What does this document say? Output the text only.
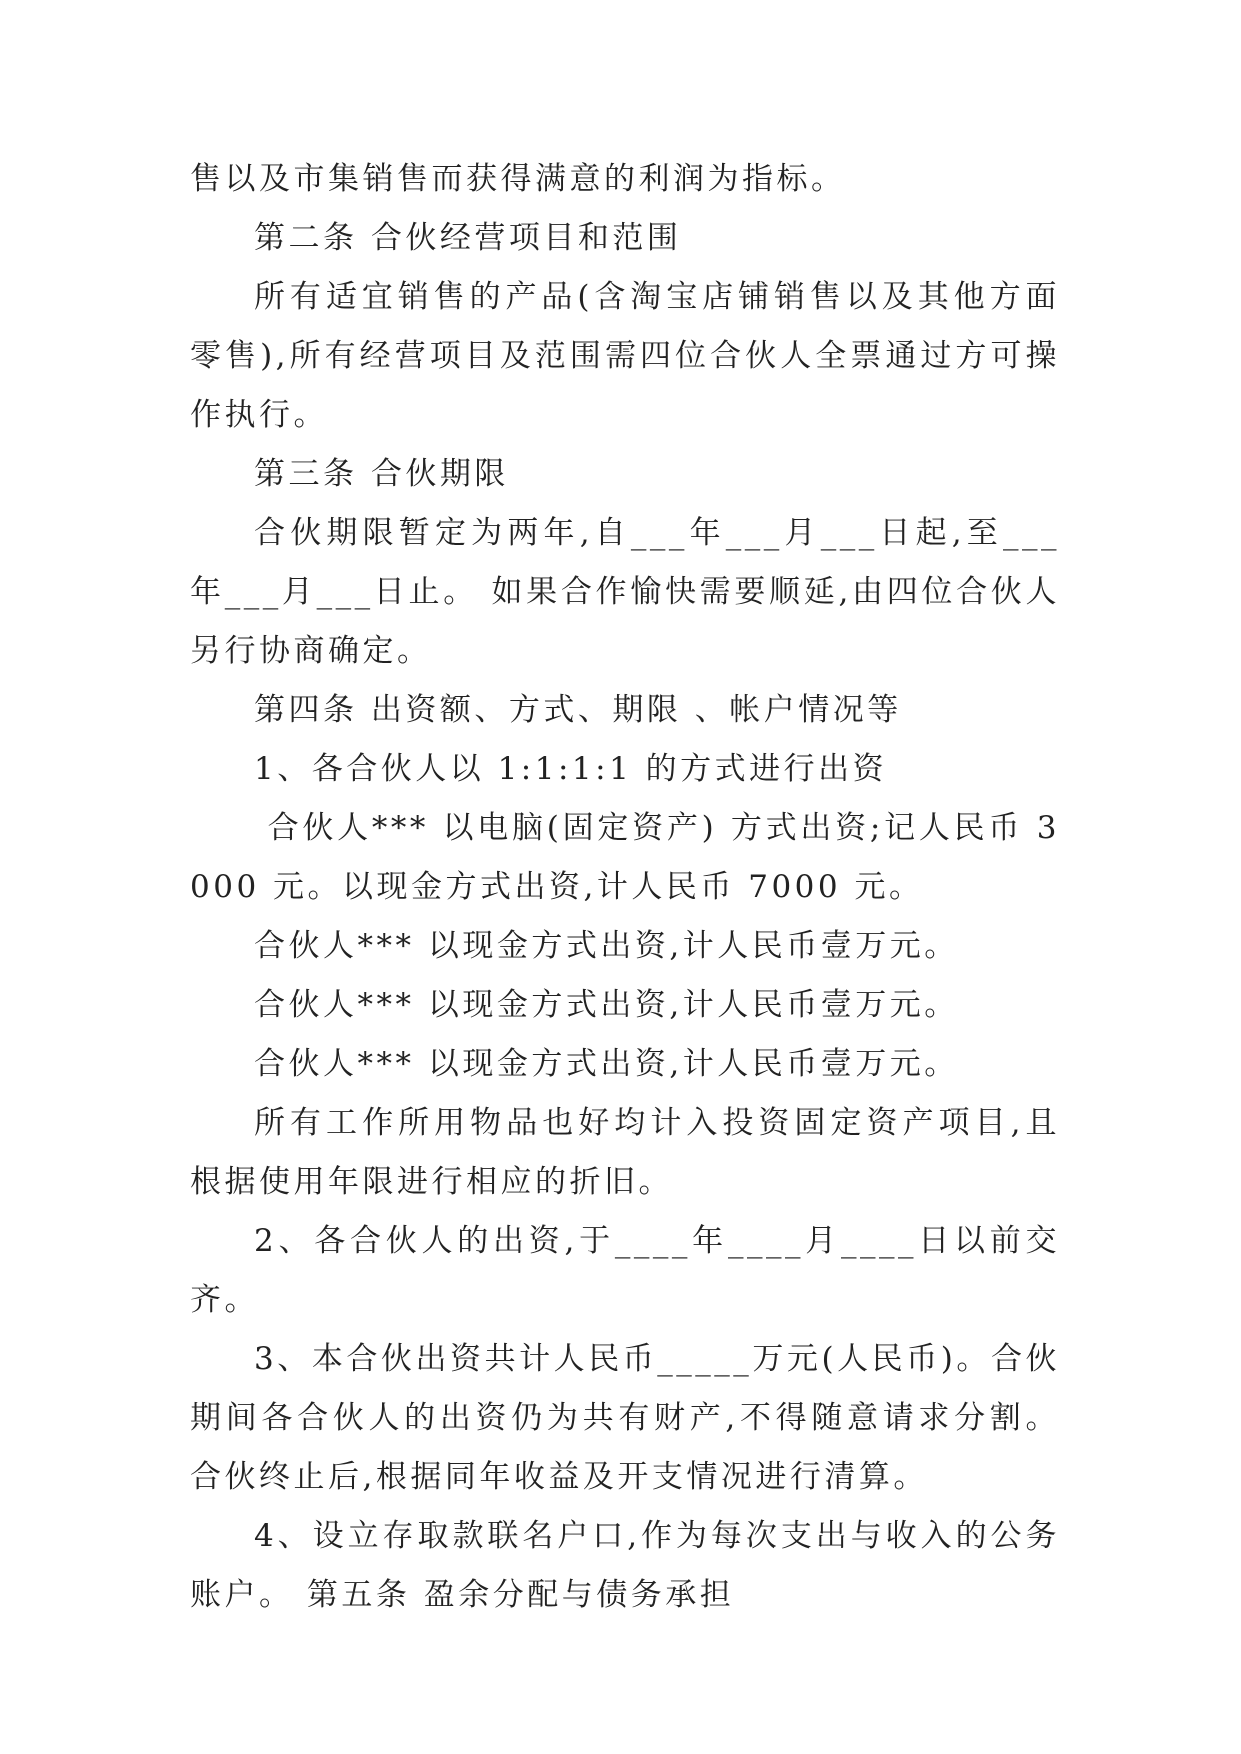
售以及市集销售而获得满意的利润为指标。

第二条 合伙经营项目和范围

所有适宜销售的产品(含淘宝店铺销售以及其他方面零售),所有经营项目及范围需四位合伙人全票通过方可操作执行。

第三条 合伙期限

合伙期限暂定为两年,自___年___月___日起,至___年___月___日止。 如果合作愉快需要顺延,由四位合伙人另行协商确定。

第四条 出资额、方式、期限 、帐户情况等

1、各合伙人以 1:1:1:1 的方式进行出资

合伙人*** 以电脑(固定资产) 方式出资;记人民币 3000 元。以现金方式出资,计人民币 7000 元。

合伙人*** 以现金方式出资,计人民币壹万元。

合伙人*** 以现金方式出资,计人民币壹万元。

合伙人*** 以现金方式出资,计人民币壹万元。

所有工作所用物品也好均计入投资固定资产项目,且根据使用年限进行相应的折旧。

2、各合伙人的出资,于____年____月____日以前交齐。

3、本合伙出资共计人民币_____万元(人民币)。合伙期间各合伙人的出资仍为共有财产,不得随意请求分割。合伙终止后,根据同年收益及开支情况进行清算。

4、设立存取款联名户口,作为每次支出与收入的公务账户。 第五条 盈余分配与债务承担
